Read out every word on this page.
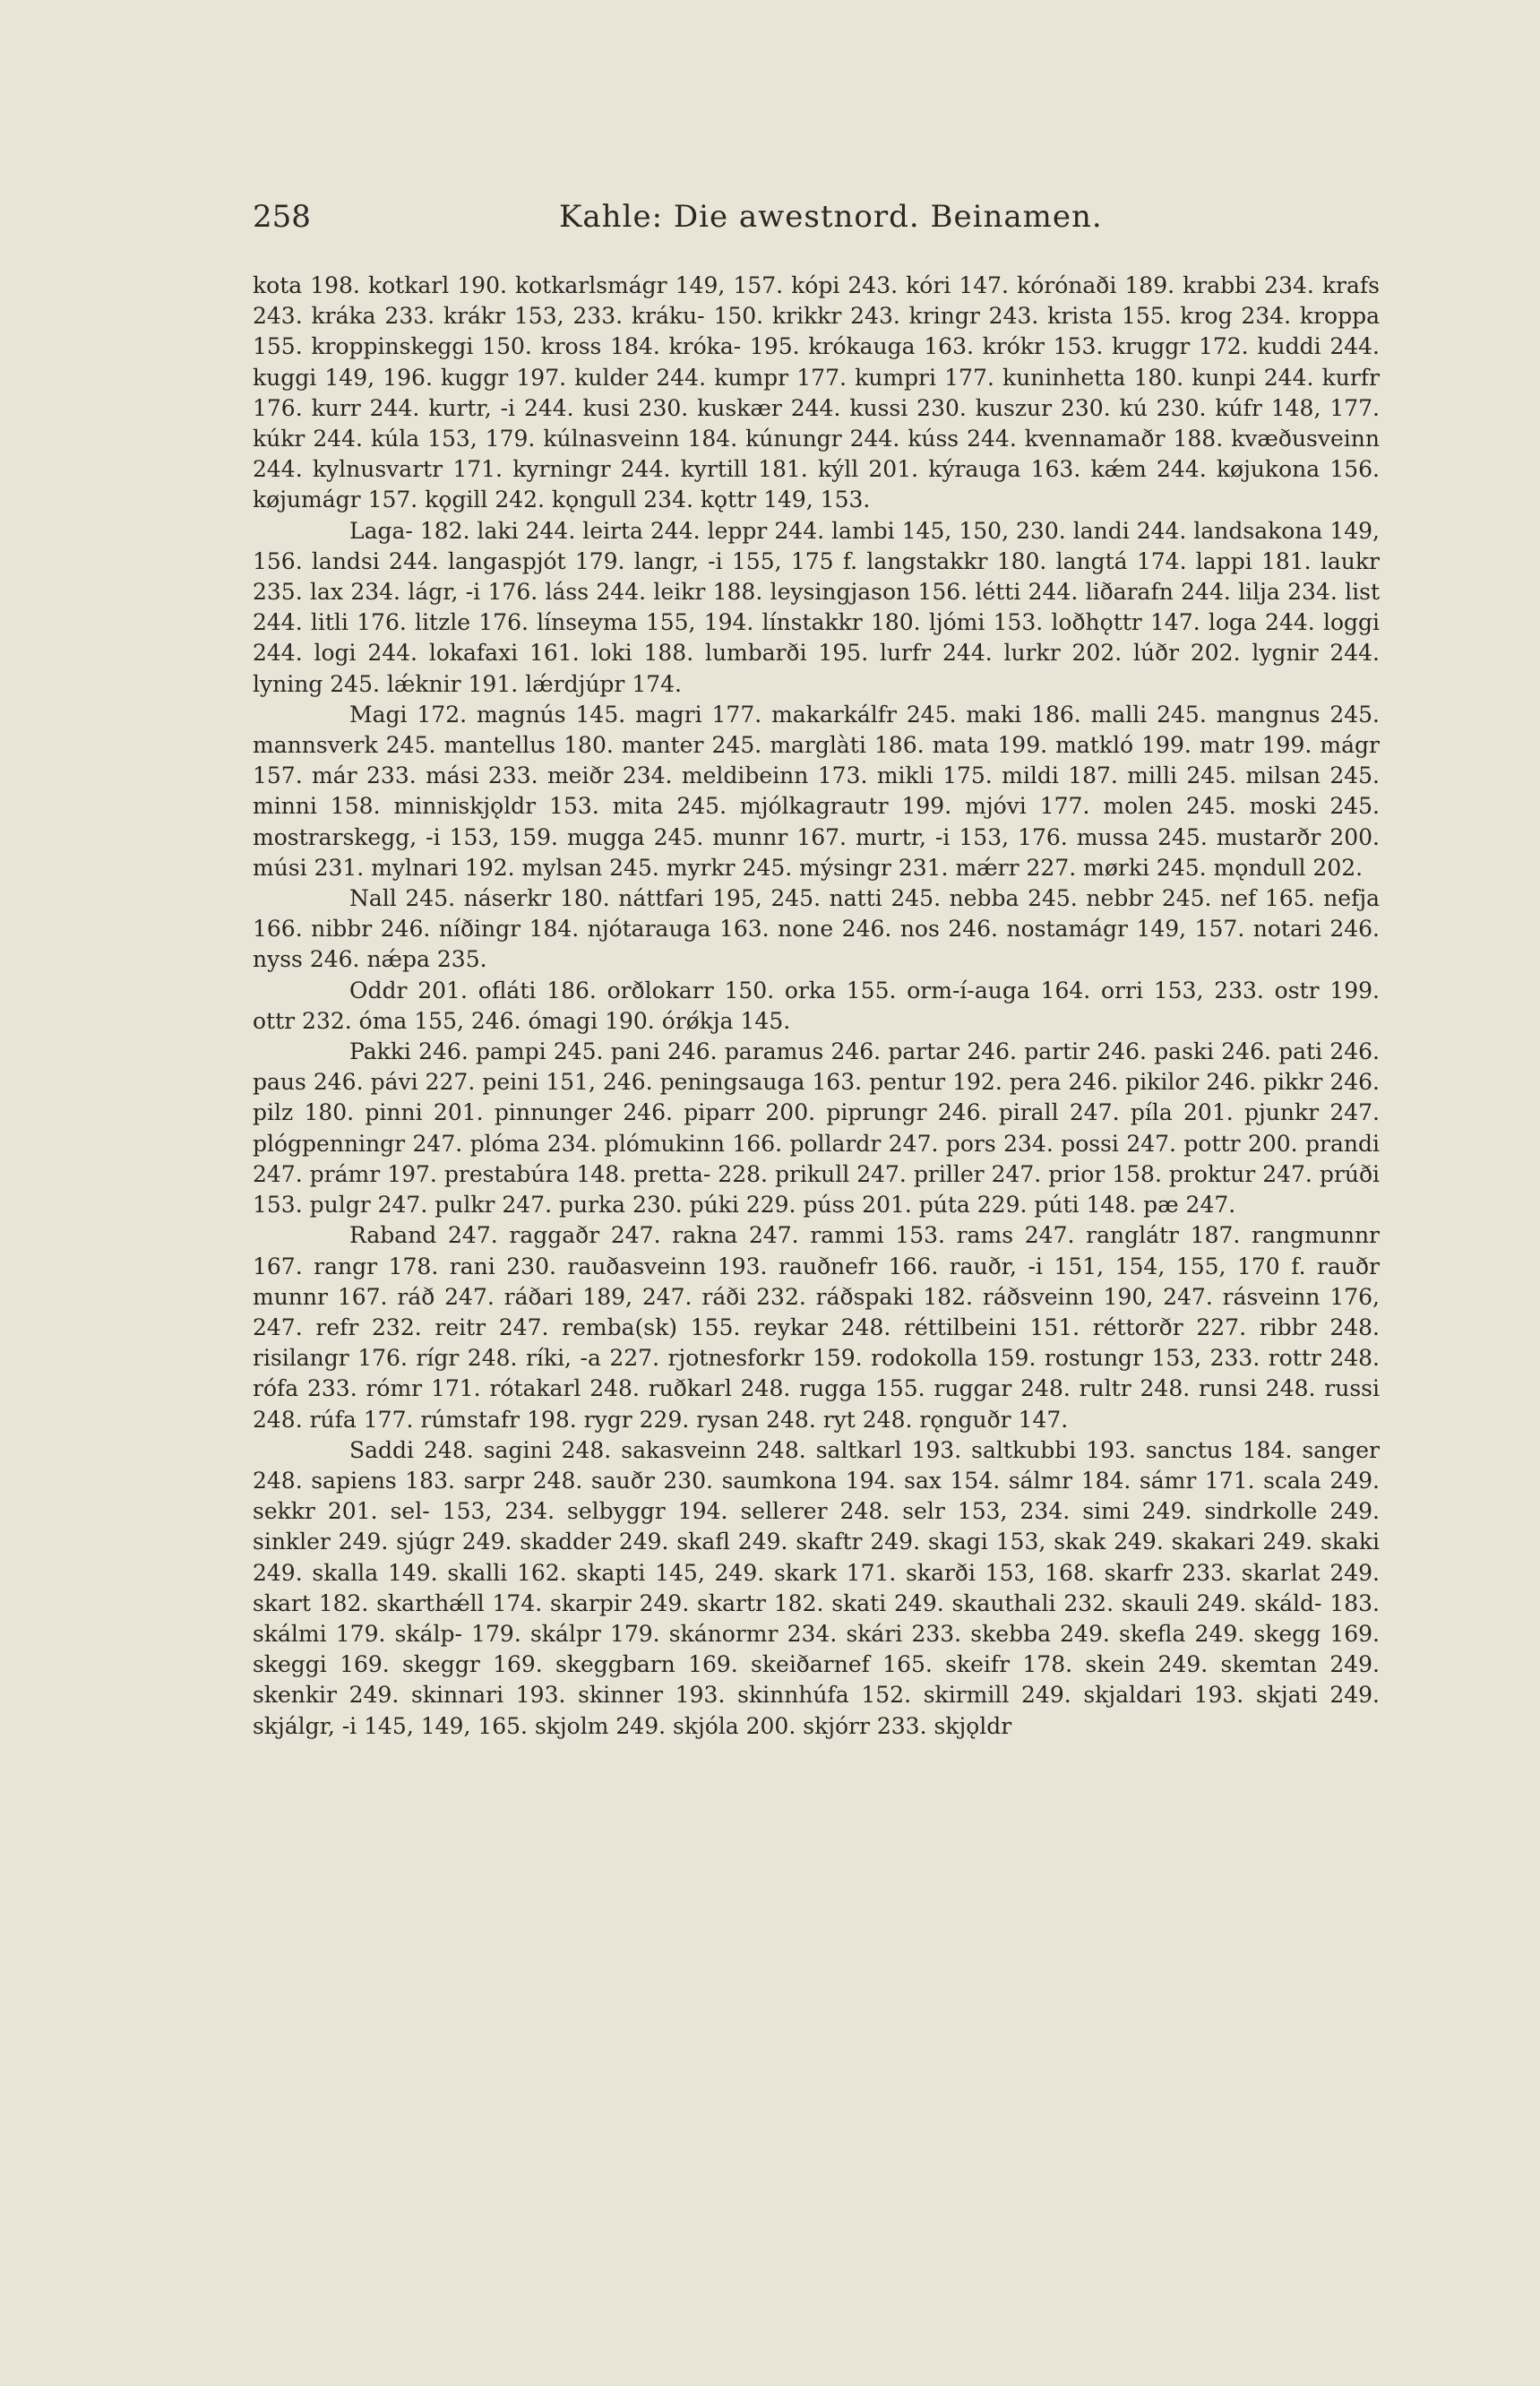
258	Kahle: Die awestnord. Beinamen.

kota 198. kotkarl 190. kotkarlsmágr 149, 157. kópi 243. kóri 147. kórónaði 189. krabbi 234. krafs 243. kráka 233. krákr 153, 233. kráku- 150. krikkr 243. kringr 243. krista 155. krog 234. kroppa 155. kroppinskeggi 150. kross 184. króka- 195. krókauga 163. krókr 153. kruggr 172. kuddi 244. kuggi 149, 196. kuggr 197. kulder 244. kumpr 177. kumpri 177. kuninhetta 180. kunpi 244. kurfr 176. kurr 244. kurtr, -i 244. kusi 230. kuskær 244. kussi 230. kuszur 230. kú 230. kúfr 148, 177. kúkr 244. kúla 153, 179. kúlnasveinn 184. kúnungr 244. kúss 244. kvennamaðr 188. kvæðusveinn 244. kylnusvartr 171. kyrningr 244. kyrtill 181. kýll 201. kýrauga 163. kǽm 244. køjukona 156. køjumágr 157. kǫgill 242. kǫngull 234. kǫttr 149, 153.

Laga- 182. laki 244. leirta 244. leppr 244. lambi 145, 150, 230. landi 244. landsakona 149, 156. landsi 244. langaspjót 179. langr, -i 155, 175 f. langstakkr 180. langtá 174. lappi 181. laukr 235. lax 234. lágr, -i 176. láss 244. leikr 188. leysingjason 156. létti 244. liðarafn 244. lilja 234. list 244. litli 176. litzle 176. línseyma 155, 194. línstakkr 180. ljómi 153. loðhǫttr 147. loga 244. loggi 244. logi 244. lokafaxi 161. loki 188. lumbarði 195. lurfr 244. lurkr 202. lúðr 202. lygnir 244. lyning 245. lǽknir 191. lǽrdjúpr 174.

Magi 172. magnús 145. magri 177. makarkálfr 245. maki 186. malli 245. mangnus 245. mannsverk 245. mantellus 180. manter 245. marglàti 186. mata 199. matkló 199. matr 199. mágr 157. már 233. mási 233. meiðr 234. meldibeinn 173. mikli 175. mildi 187. milli 245. milsan 245. minni 158. minniskjǫldr 153. mita 245. mjólkagrautr 199. mjóvi 177. molen 245. moski 245. mostrarskegg, -i 153, 159. mugga 245. munnr 167. murtr, -i 153, 176. mussa 245. mustarðr 200. músi 231. mylnari 192. mylsan 245. myrkr 245. mýsingr 231. mǽrr 227. mørki 245. mǫndull 202.

Nall 245. náserkr 180. náttfari 195, 245. natti 245. nebba 245. nebbr 245. nef 165. nefja 166. nibbr 246. níðingr 184. njótarauga 163. none 246. nos 246. nostamágr 149, 157. notari 246. nyss 246. nǽpa 235.

Oddr 201. ofláti 186. orðlokarr 150. orka 155. orm-í-auga 164. orri 153, 233. ostr 199. ottr 232. óma 155, 246. ómagi 190. órǿkja 145.

Pakki 246. pampi 245. pani 246. paramus 246. partar 246. partir 246. paski 246. pati 246. paus 246. pávi 227. peini 151, 246. peningsauga 163. pentur 192. pera 246. pikilor 246. pikkr 246. pilz 180. pinni 201. pinnunger 246. piparr 200. piprungr 246. pirall 247. píla 201. pjunkr 247. plógpenningr 247. plóma 234. plómukinn 166. pollardr 247. pors 234. possi 247. pottr 200. prandi 247. prámr 197. prestabúra 148. pretta- 228. prikull 247. priller 247. prior 158. proktur 247. prúði 153. pulgr 247. pulkr 247. purka 230. púki 229. púss 201. púta 229. púti 148. pæ 247.

Raband 247. raggaðr 247. rakna 247. rammi 153. rams 247. ranglátr 187. rangmunnr 167. rangr 178. rani 230. rauðasveinn 193. rauðnefr 166. rauðr, -i 151, 154, 155, 170 f. rauðr munnr 167. ráð 247. ráðari 189, 247. ráði 232. ráðspaki 182. ráðsveinn 190, 247. rásveinn 176, 247. refr 232. reitr 247. remba(sk) 155. reykar 248. réttilbeini 151. réttorðr 227. ribbr 248. risilangr 176. rígr 248. ríki, -a 227. rjotnesforkr 159. rodokolla 159. rostungr 153, 233. rottr 248. rófa 233. rómr 171. rótakarl 248. ruðkarl 248. rugga 155. ruggar 248. rultr 248. runsi 248. russi 248. rúfa 177. rúmstafr 198. rygr 229. rysan 248. ryt 248. rǫnguðr 147.

Saddi 248. sagini 248. sakasveinn 248. saltkarl 193. saltkubbi 193. sanctus 184. sanger 248. sapiens 183. sarpr 248. sauðr 230. saumkona 194. sax 154. sálmr 184. sámr 171. scala 249. sekkr 201. sel- 153, 234. selbyggr 194. sellerer 248. selr 153, 234. simi 249. sindrkolle 249. sinkler 249. sjúgr 249. skadder 249. skafl 249. skaftr 249. skagi 153, skak 249. skakari 249. skaki 249. skalla 149. skalli 162. skapti 145, 249. skark 171. skarði 153, 168. skarfr 233. skarlat 249. skart 182. skarthǽll 174. skarpir 249. skartr 182. skati 249. skauthali 232. skauli 249. skáld- 183. skálmi 179. skálp- 179. skálpr 179. skánormr 234. skári 233. skebba 249. skefla 249. skegg 169. skeggi 169. skeggr 169. skeggbarn 169. skeiðarnef 165. skeifr 178. skein 249. skemtan 249. skenkir 249. skinnari 193. skinner 193. skinnhúfa 152. skirmill 249. skjaldari 193. skjati 249. skjálgr, -i 145, 149, 165. skjolm 249. skjóla 200. skjórr 233. skjǫldr
